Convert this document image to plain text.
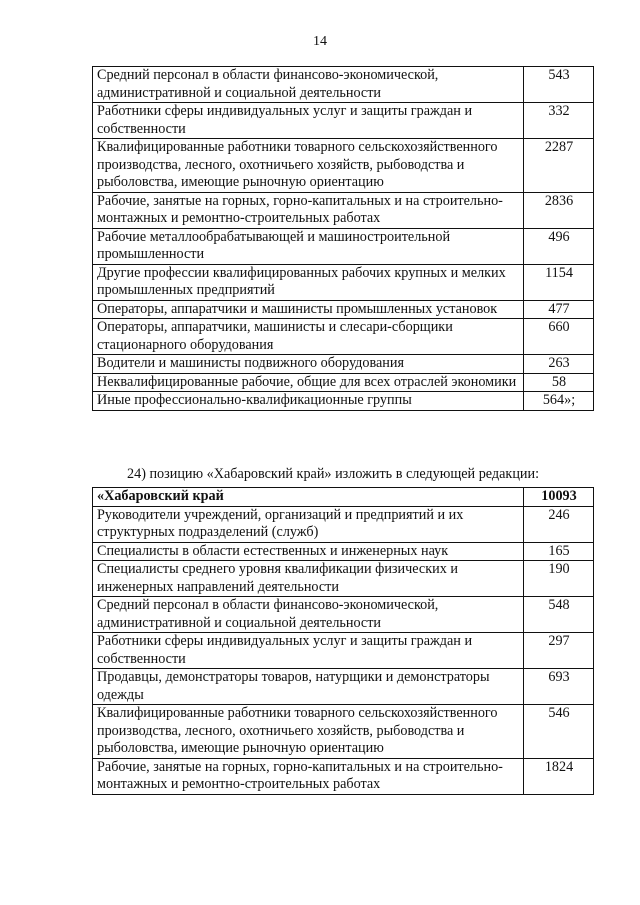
14
Средний персонал в области финансово-экономической, административной и социальной деятельности	543
Работники сферы индивидуальных услуг и защиты граждан и собственности	332
Квалифицированные работники товарного сельскохозяйственного производства, лесного, охотничьего хозяйств, рыбоводства и рыболовства, имеющие рыночную ориентацию	2287
Рабочие, занятые на горных, горно-капитальных и на строительно-монтажных и ремонтно-строительных работах	2836
Рабочие металлообрабатывающей и машиностроительной промышленности	496
Другие профессии квалифицированных рабочих крупных и мелких промышленных предприятий	1154
Операторы, аппаратчики и машинисты промышленных установок	477
Операторы, аппаратчики, машинисты и слесари-сборщики стационарного оборудования	660
Водители и машинисты подвижного оборудования	263
Неквалифицированные рабочие, общие для всех отраслей экономики	58
Иные профессионально-квалификационные группы	564»;
24) позицию «Хабаровский край» изложить в следующей редакции:
«Хабаровский край	10093
Руководители учреждений, организаций и предприятий и их структурных подразделений (служб)	246
Специалисты в области естественных и инженерных наук	165
Специалисты среднего уровня квалификации физических и инженерных направлений деятельности	190
Средний персонал в области финансово-экономической, административной и социальной деятельности	548
Работники сферы индивидуальных услуг и защиты граждан и собственности	297
Продавцы, демонстраторы товаров, натурщики и демонстраторы одежды	693
Квалифицированные работники товарного сельскохозяйственного производства, лесного, охотничьего хозяйств, рыбоводства и рыболовства, имеющие рыночную ориентацию	546
Рабочие, занятые на горных, горно-капитальных и на строительно-монтажных и ремонтно-строительных работах	1824
